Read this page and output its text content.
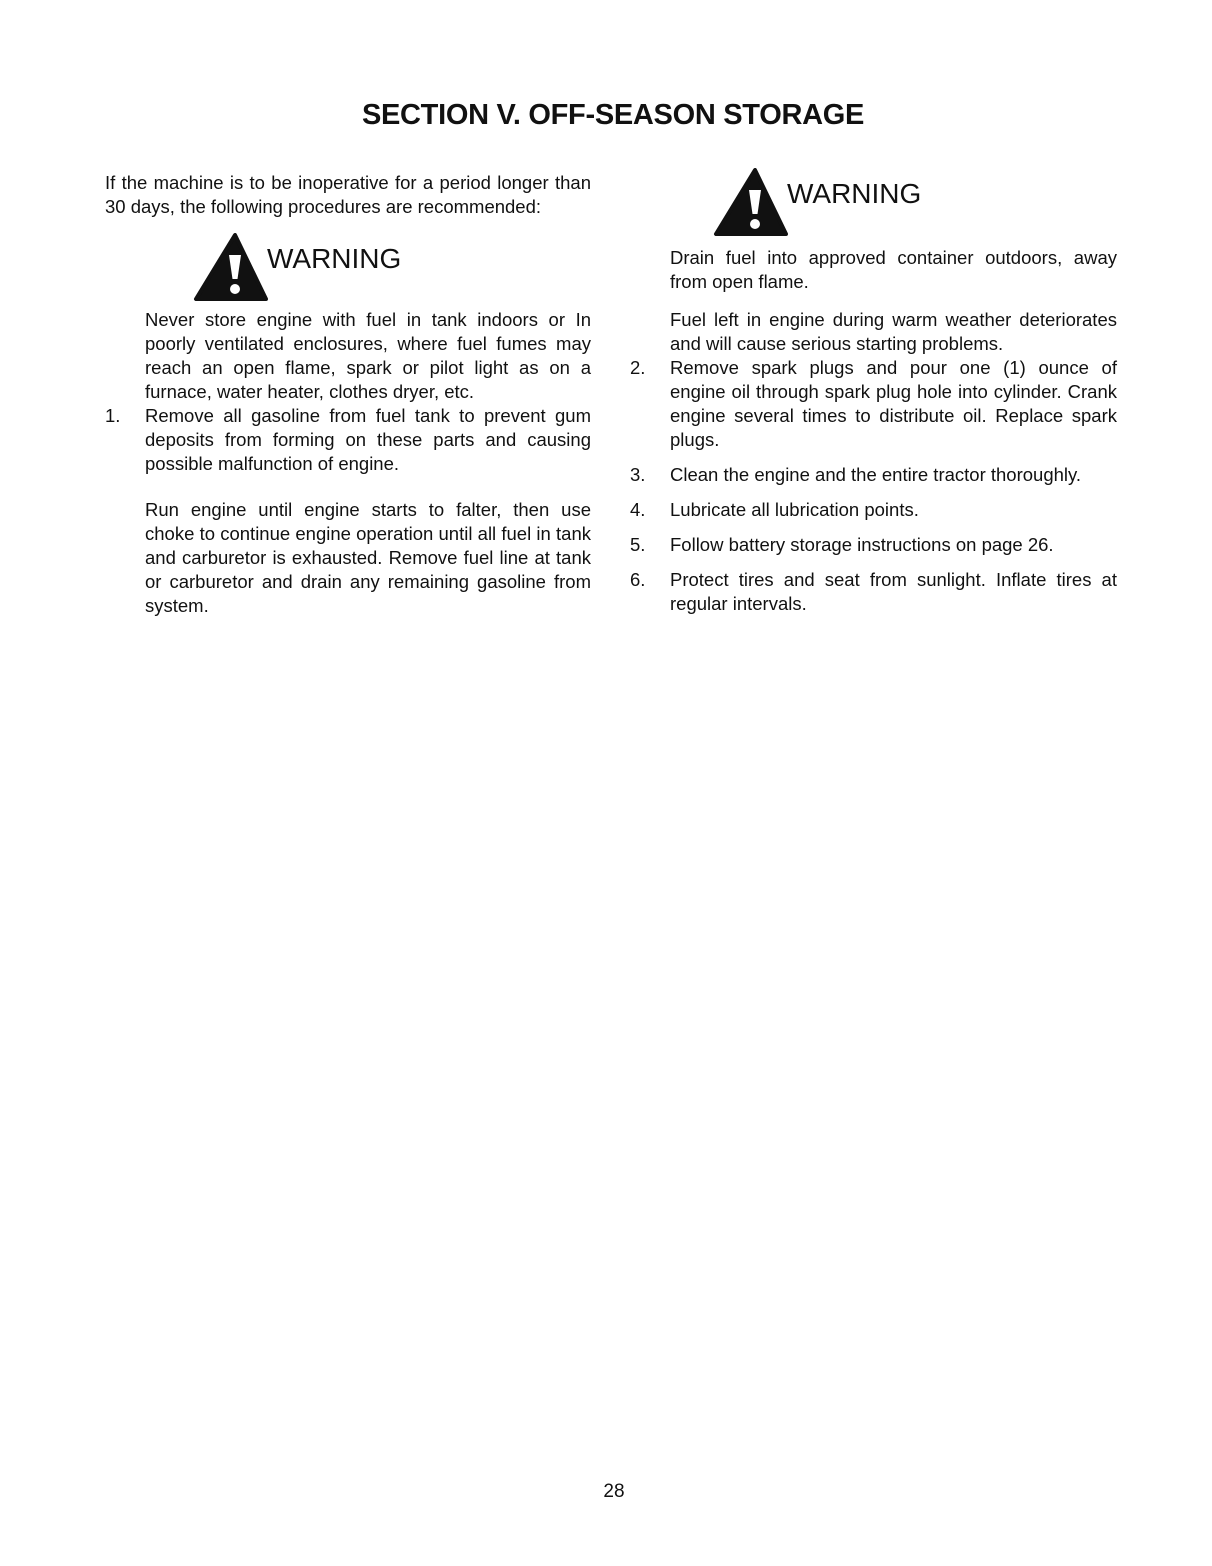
SECTION V. OFF-SEASON STORAGE

If the machine is to be inoperative for a period longer than 30 days, the following procedures are recommended:

WARNING

Never store engine with fuel in tank indoors or In poorly ventilated enclosures, where fuel fumes may reach an open flame, spark or pilot light as on a furnace, water heater, clothes dryer, etc.

1. Remove all gasoline from fuel tank to prevent gum deposits from forming on these parts and causing possible malfunction of engine.

Run engine until engine starts to falter, then use choke to continue engine operation until all fuel in tank and carburetor is exhausted. Remove fuel line at tank or carburetor and drain any remaining gasoline from system.

WARNING

Drain fuel into approved container outdoors, away from open flame.

Fuel left in engine during warm weather deteriorates and will cause serious starting problems.

2. Remove spark plugs and pour one (1) ounce of engine oil through spark plug hole into cylinder. Crank engine several times to distribute oil. Replace spark plugs.

3. Clean the engine and the entire tractor thoroughly.

4. Lubricate all lubrication points.

5. Follow battery storage instructions on page 26.

6. Protect tires and seat from sunlight. Inflate tires at regular intervals.

28
